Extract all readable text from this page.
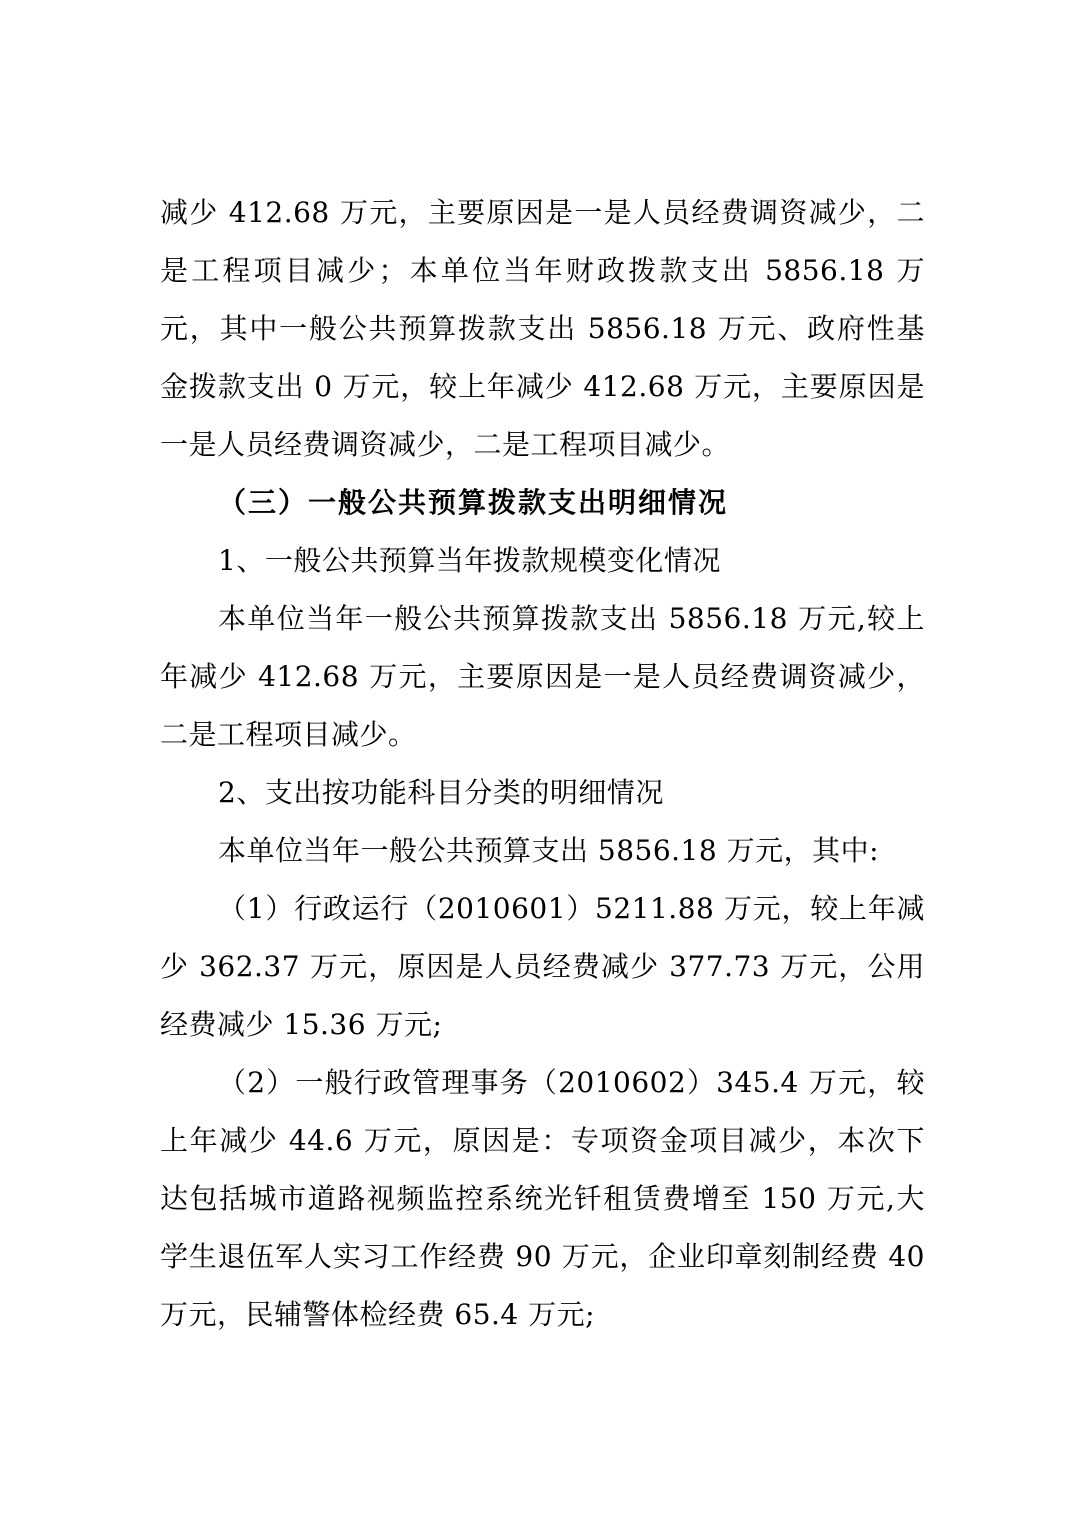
减少 412.68 万元，主要原因是一是人员经费调资减少，二是工程项目减少；本单位当年财政拨款支出 5856.18 万元，其中一般公共预算拨款支出 5856.18 万元、政府性基金拨款支出 0 万元，较上年减少 412.68 万元，主要原因是一是人员经费调资减少，二是工程项目减少。

（三）一般公共预算拨款支出明细情况

1、一般公共预算当年拨款规模变化情况

本单位当年一般公共预算拨款支出 5856.18 万元,较上年减少 412.68 万元，主要原因是一是人员经费调资减少，二是工程项目减少。

2、支出按功能科目分类的明细情况

本单位当年一般公共预算支出 5856.18 万元，其中:

（1）行政运行（2010601）5211.88 万元，较上年减少 362.37 万元，原因是人员经费减少 377.73 万元，公用经费减少 15.36 万元;

（2）一般行政管理事务（2010602）345.4 万元，较上年减少 44.6 万元，原因是：专项资金项目减少，本次下达包括城市道路视频监控系统光钎租赁费增至 150 万元,大学生退伍军人实习工作经费 90 万元，企业印章刻制经费 40 万元，民辅警体检经费 65.4 万元;
